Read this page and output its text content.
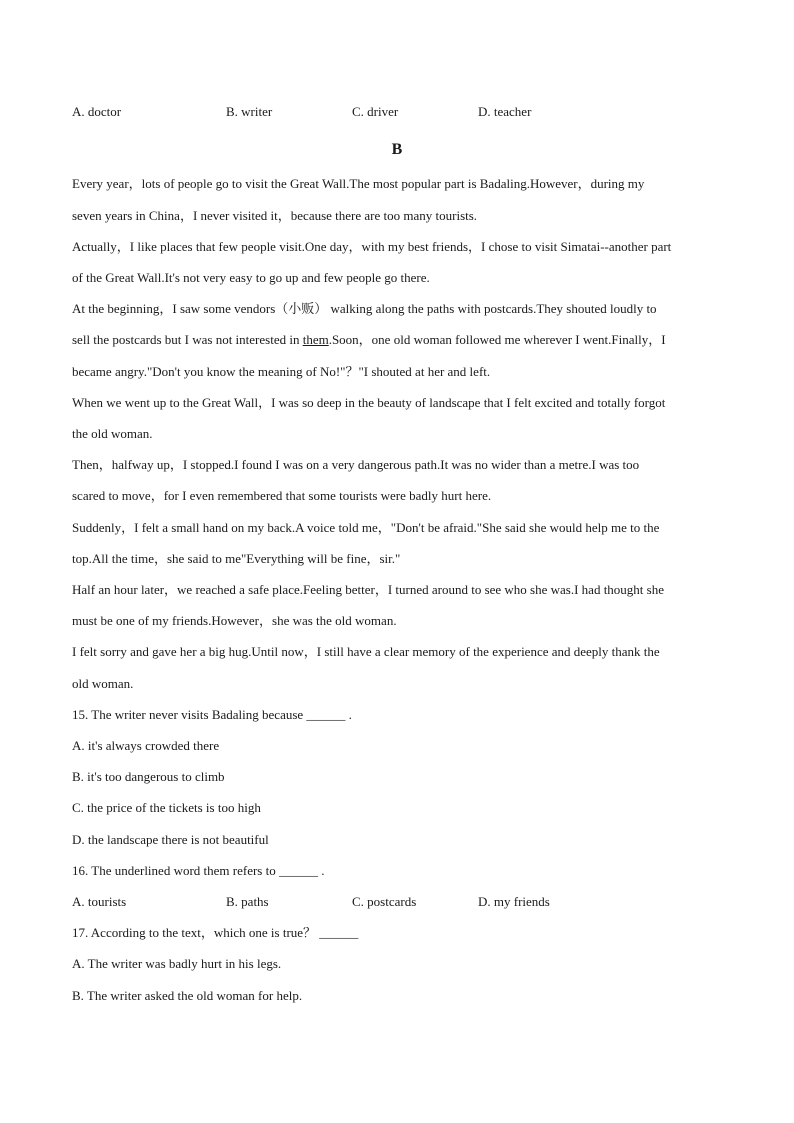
A. doctor	B. writer	C. driver	D. teacher
B
Every year，lots of people go to visit the Great Wall.The most popular part is Badaling.However，during my
seven years in China，I never visited it，because there are too many tourists.
Actually，I like places that few people visit.One day，with my best friends，I chose to visit Simatai--another part
of the Great Wall.It's not very easy to go up and few people go there.
At the beginning，I saw some vendors（小贩） walking along the paths with postcards.They shouted loudly to
sell the postcards but I was not interested in them.Soon，one old woman followed me wherever I went.Finally，I
became angry."Don't you know the meaning of No!"？"I shouted at her and left.
When we went up to the Great Wall，I was so deep in the beauty of landscape that I felt excited and totally forgot
the old woman.
Then，halfway up，I stopped.I found I was on a very dangerous path.It was no wider than a metre.I was too
scared to move，for I even remembered that some tourists were badly hurt here.
Suddenly，I felt a small hand on my back.A voice told me，"Don't be afraid."She said she would help me to the
top.All the time，she said to me"Everything will be fine，sir."
Half an hour later，we reached a safe place.Feeling better，I turned around to see who she was.I had thought she
must be one of my friends.However，she was the old woman.
I felt sorry and gave her a big hug.Until now，I still have a clear memory of the experience and deeply thank the
old woman.
15. The writer never visits Badaling because ______ .
A. it's always crowded there
B. it's too dangerous to climb
C. the price of the tickets is too high
D. the landscape there is not beautiful
16. The underlined word them refers to ______ .
A. tourists	B. paths	C. postcards	D. my friends
17. According to the text，which one is true？ ______
A. The writer was badly hurt in his legs.
B. The writer asked the old woman for help.
